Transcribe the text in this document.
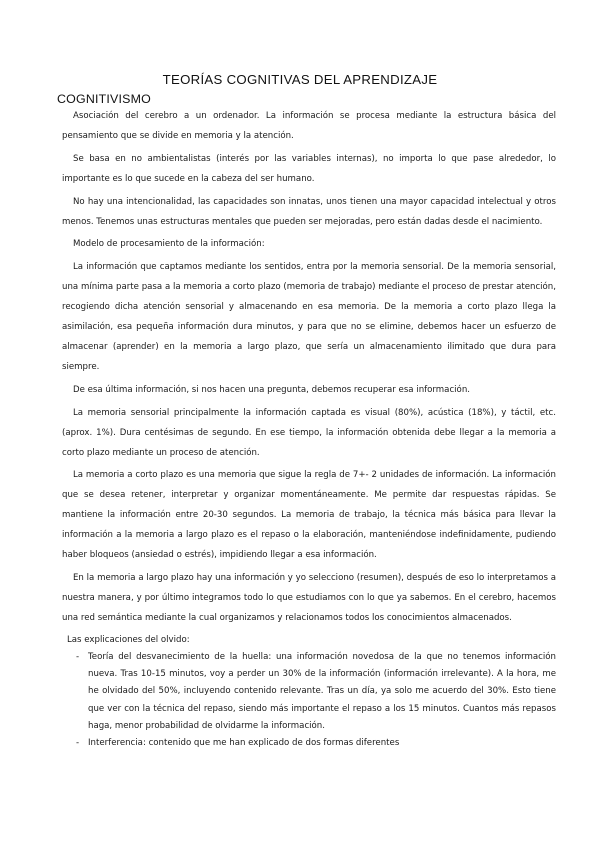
TEORÍAS COGNITIVAS DEL APRENDIZAJE
COGNITIVISMO

Asociación del cerebro a un ordenador. La información se procesa mediante la estructura básica del pensamiento que se divide en memoria y la atención.

Se basa en no ambientalistas (interés por las variables internas), no importa lo que pase alrededor, lo importante es lo que sucede en la cabeza del ser humano.

No hay una intencionalidad, las capacidades son innatas, unos tienen una mayor capacidad intelectual y otros menos. Tenemos unas estructuras mentales que pueden ser mejoradas, pero están dadas desde el nacimiento.

Modelo de procesamiento de la información:

La información que captamos mediante los sentidos, entra por la memoria sensorial. De la memoria sensorial, una mínima parte pasa a la memoria a corto plazo (memoria de trabajo) mediante el proceso de prestar atención, recogiendo dicha atención sensorial y almacenando en esa memoria. De la memoria a corto plazo llega la asimilación, esa pequeña información dura minutos, y para que no se elimine, debemos hacer un esfuerzo de almacenar (aprender) en la memoria a largo plazo, que sería un almacenamiento ilimitado que dura para siempre.

De esa última información, si nos hacen una pregunta, debemos recuperar esa información.

La memoria sensorial principalmente la información captada es visual (80%), acústica (18%), y táctil, etc. (aprox. 1%). Dura centésimas de segundo. En ese tiempo, la información obtenida debe llegar a la memoria a corto plazo mediante un proceso de atención.

La memoria a corto plazo es una memoria que sigue la regla de 7+- 2 unidades de información. La información que se desea retener, interpretar y organizar momentáneamente. Me permite dar respuestas rápidas. Se mantiene la información entre 20-30 segundos. La memoria de trabajo, la técnica más básica para llevar la información a la memoria a largo plazo es el repaso o la elaboración, manteniéndose indefinidamente, pudiendo haber bloqueos (ansiedad o estrés), impidiendo llegar a esa información.

En la memoria a largo plazo hay una información y yo selecciono (resumen), después de eso lo interpretamos a nuestra manera, y por último integramos todo lo que estudiamos con lo que ya sabemos. En el cerebro, hacemos una red semántica mediante la cual organizamos y relacionamos todos los conocimientos almacenados.

Las explicaciones del olvido:
- Teoría del desvanecimiento de la huella: una información novedosa de la que no tenemos información nueva. Tras 10-15 minutos, voy a perder un 30% de la información (información irrelevante). A la hora, me he olvidado del 50%, incluyendo contenido relevante. Tras un día, ya solo me acuerdo del 30%. Esto tiene que ver con la técnica del repaso, siendo más importante el repaso a los 15 minutos. Cuantos más repasos haga, menor probabilidad de olvidarme la información.
- Interferencia: contenido que me han explicado de dos formas diferentes
